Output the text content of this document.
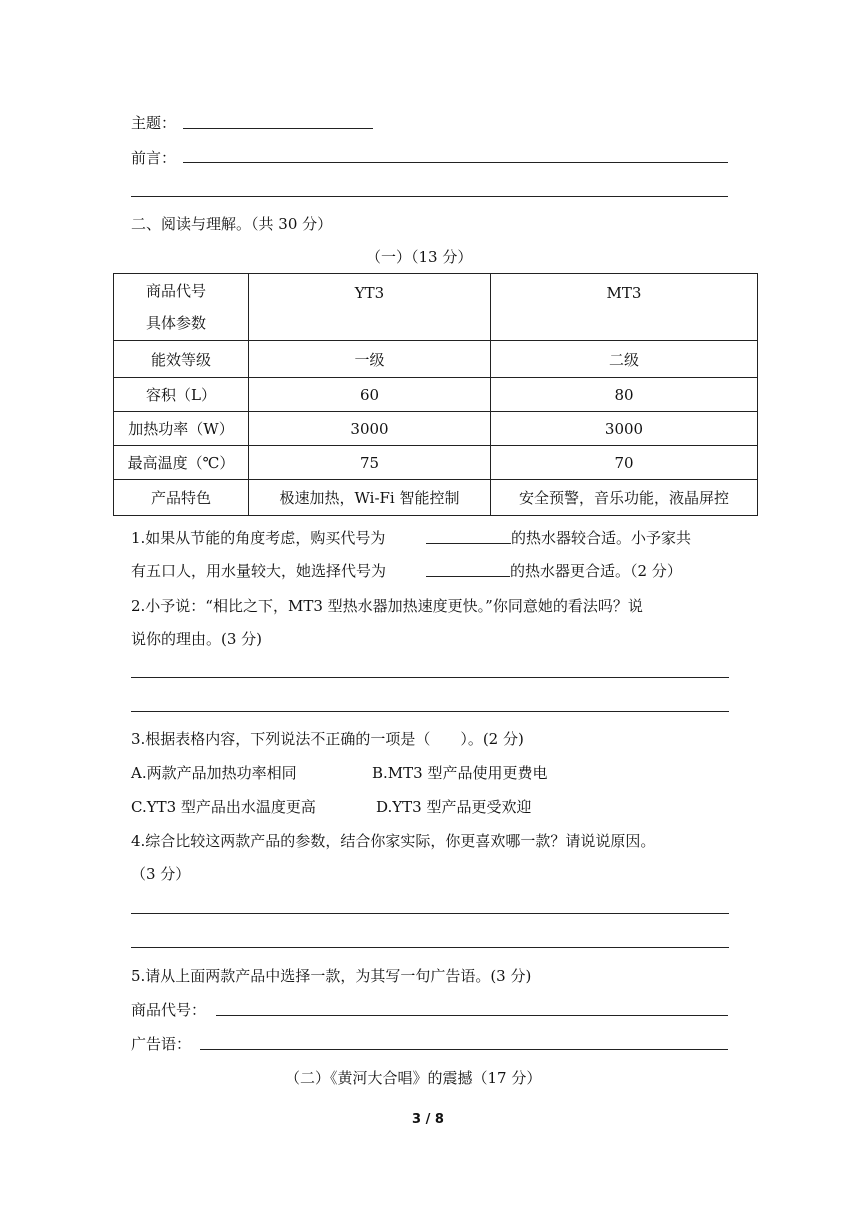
主题：
前言：
二、阅读与理解。（共 30 分）
（一）（13 分）
商品代号
具体参数	YT3	MT3
能效等级	一级	二级
容积（L）	60	80
加热功率（W）	3000	3000
最高温度（℃）	75	70
产品特色	极速加热，Wi-Fi 智能控制	安全预警，音乐功能，液晶屏控
1.如果从节能的角度考虑，购买代号为	的热水器较合适。小予家共
有五口人，用水量较大，她选择代号为	的热水器更合适。（2 分）
2.小予说：“相比之下，MT3 型热水器加热速度更快。”你同意她的看法吗？说
说你的理由。(3 分)
3.根据表格内容，下列说法不正确的一项是（　　）。(2 分)
A.两款产品加热功率相同	B.MT3 型产品使用更费电
C.YT3 型产品出水温度更高	D.YT3 型产品更受欢迎
4.综合比较这两款产品的参数，结合你家实际，你更喜欢哪一款？请说说原因。
（3 分）
5.请从上面两款产品中选择一款，为其写一句广告语。(3 分)
商品代号：
广告语：
（二）《黄河大合唱》的震撼（17 分）
3 / 8
